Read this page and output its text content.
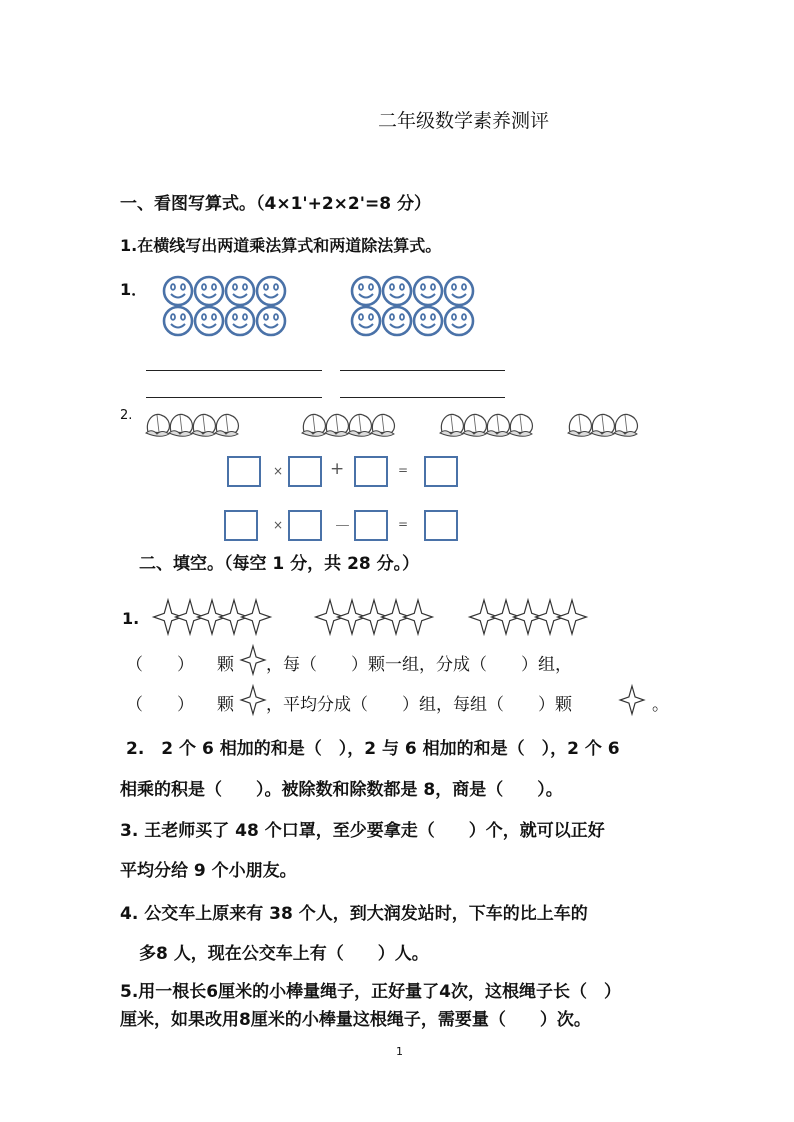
二年级数学素养测评
一、看图写算式。（4×1'+2×2'=8 分）
1.在横线写出两道乘法算式和两道除法算式。
1．
2.
×	+	=
×	－	=
二、填空。（每空 1 分，共 28 分。）
1.
（　　） 颗 ，每（　　）颗一组，分成（　　）组，
（　　） 颗 ，平均分成（　　）组，每组（　　）颗	。
2.　2 个 6 相加的和是（　），2 与 6 相加的和是（　），2 个 6
相乘的积是（　　）。被除数和除数都是 8，商是（　　）。
3. 王老师买了 48 个口罩，至少要拿走（　　）个，就可以正好
平均分给 9 个小朋友。
4. 公交车上原来有 38 个人，到大润发站时，下车的比上车的
多8 人，现在公交车上有（　　）人。
5.用一根长6厘米的小棒量绳子，正好量了4次，这根绳子长（　）
厘米，如果改用8厘米的小棒量这根绳子，需要量（　　）次。
1
